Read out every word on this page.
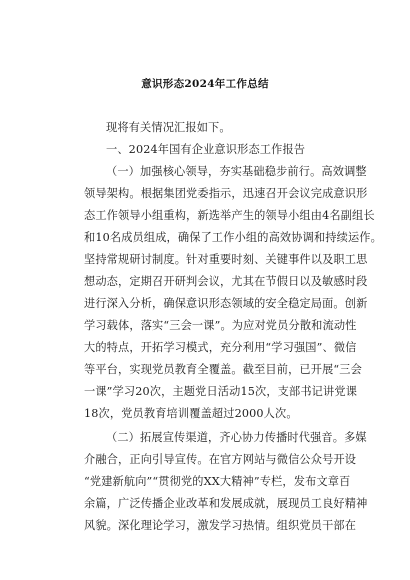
意识形态2024年工作总结
现将有关情况汇报如下。
一、2024年国有企业意识形态工作报告
（一）加强核心领导，夯实基础稳步前行。高效调整
领导架构。根据集团党委指示，迅速召开会议完成意识形
态工作领导小组重构，新选举产生的领导小组由4名副组长
和10名成员组成，确保了工作小组的高效协调和持续运作。
坚持常规研讨制度。针对重要时刻、关键事件以及职工思
想动态，定期召开研判会议，尤其在节假日以及敏感时段
进行深入分析，确保意识形态领域的安全稳定局面。创新
学习载体，落实“三会一课”。为应对党员分散和流动性
大的特点，开拓学习模式，充分利用“学习强国”、微信
等平台，实现党员教育全覆盖。截至目前，已开展“三会
一课”学习20次，主题党日活动15次，支部书记讲党课
18次，党员教育培训覆盖超过2000人次。
（二）拓展宣传渠道，齐心协力传播时代强音。多媒
介融合，正向引导宣传。在官方网站与微信公众号开设
“党建新航向”“贯彻党的XX大精神”专栏，发布文章百
余篇，广泛传播企业改革和发展成就，展现员工良好精神
风貌。深化理论学习，激发学习热情。组织党员干部在
